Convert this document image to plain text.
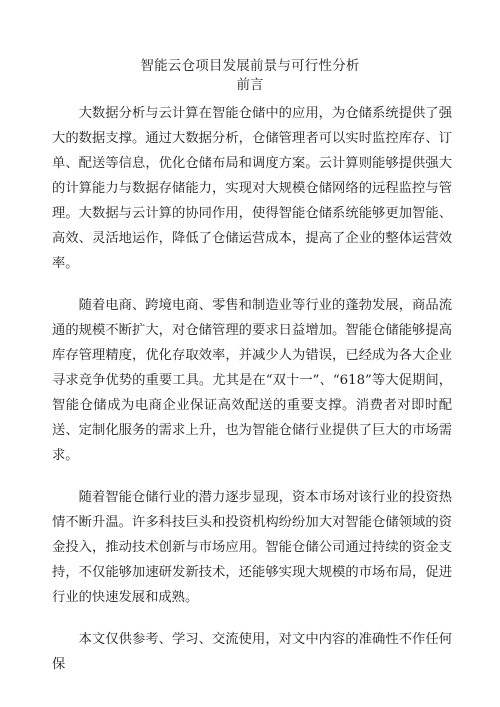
智能云仓项目发展前景与可行性分析
前言

大数据分析与云计算在智能仓储中的应用，为仓储系统提供了强大的数据支撑。通过大数据分析，仓储管理者可以实时监控库存、订单、配送等信息，优化仓储布局和调度方案。云计算则能够提供强大的计算能力与数据存储能力，实现对大规模仓储网络的远程监控与管理。大数据与云计算的协同作用，使得智能仓储系统能够更加智能、高效、灵活地运作，降低了仓储运营成本，提高了企业的整体运营效率。

随着电商、跨境电商、零售和制造业等行业的蓬勃发展，商品流通的规模不断扩大，对仓储管理的要求日益增加。智能仓储能够提高库存管理精度，优化存取效率，并减少人为错误，已经成为各大企业寻求竞争优势的重要工具。尤其是在“双十一”、“618”等大促期间，智能仓储成为电商企业保证高效配送的重要支撑。消费者对即时配送、定制化服务的需求上升，也为智能仓储行业提供了巨大的市场需求。

随着智能仓储行业的潜力逐步显现，资本市场对该行业的投资热情不断升温。许多科技巨头和投资机构纷纷加大对智能仓储领域的资金投入，推动技术创新与市场应用。智能仓储公司通过持续的资金支持，不仅能够加速研发新技术，还能够实现大规模的市场布局，促进行业的快速发展和成熟。

本文仅供参考、学习、交流使用，对文中内容的准确性不作任何保
